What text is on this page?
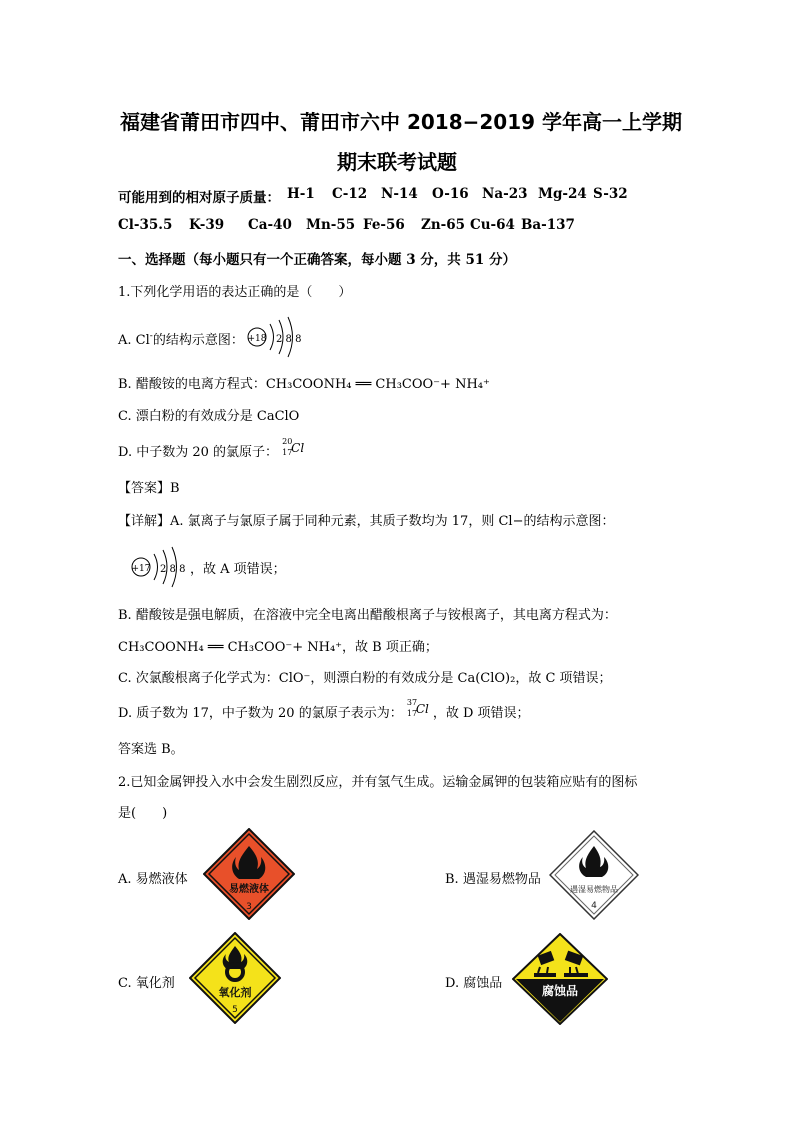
福建省莆田市四中、莆田市六中 2018−2019 学年高一上学期
期末联考试题
可能用到的相对原子质量： H-1 C-12 N-14 O-16 Na-23 Mg-24 S-32
Cl-35.5 K-39 Ca-40 Mn-55 Fe-56 Zn-65 Cu-64 Ba-137
一、选择题（每小题只有一个正确答案，每小题 3 分，共 51 分）
1.下列化学用语的表达正确的是（　　）
A. Cl-的结构示意图： +18 2 8 8
B. 醋酸铵的电离方程式：CH₃COONH₄ ══ CH₃COO⁻+ NH₄⁺
C. 漂白粉的有效成分是 CaClO
D. 中子数为 20 的氯原子：
20
17
Cl
【答案】B
【详解】A. 氯离子与氯原子属于同种元素，其质子数均为 17，则 Cl−的结构示意图：
+17 2 8 8 ，故 A 项错误；
B. 醋酸铵是强电解质，在溶液中完全电离出醋酸根离子与铵根离子，其电离方程式为：
CH₃COONH₄ ══ CH₃COO⁻+ NH₄⁺，故 B 项正确；
C. 次氯酸根离子化学式为：ClO⁻，则漂白粉的有效成分是 Ca(ClO)₂，故 C 项错误；
D. 质子数为 17，中子数为 20 的氯原子表示为：
37
17
Cl ，故 D 项错误；
答案选 B。
2.已知金属钾投入水中会发生剧烈反应，并有氢气生成。运输金属钾的包装箱应贴有的图标
是(　　)
A. 易燃液体	B. 遇湿易燃物品
C. 氧化剂	D. 腐蚀品
易燃液体
3
遇湿易燃物品
4
氧化剂
5
腐蚀品
